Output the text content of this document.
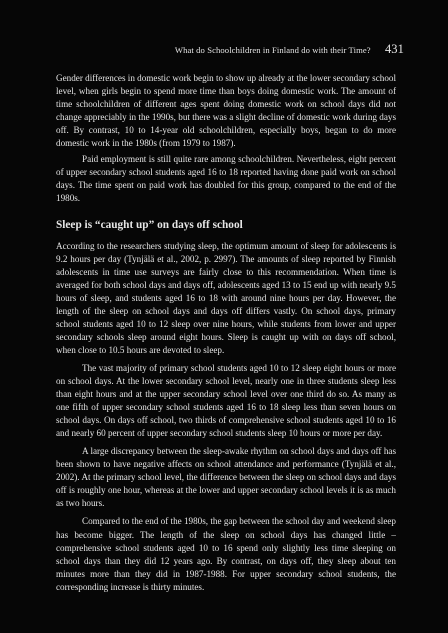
What do Schoolchildren in Finland do with their Time? 431

Gender differences in domestic work begin to show up already at the lower secondary school level, when girls begin to spend more time than boys doing domestic work. The amount of time schoolchildren of different ages spent doing domestic work on school days did not change appreciably in the 1990s, but there was a slight decline of domestic work during days off. By contrast, 10 to 14-year old schoolchildren, especially boys, began to do more domestic work in the 1980s (from 1979 to 1987).

Paid employment is still quite rare among schoolchildren. Nevertheless, eight percent of upper secondary school students aged 16 to 18 reported having done paid work on school days. The time spent on paid work has doubled for this group, compared to the end of the 1980s.

Sleep is “caught up” on days off school

According to the researchers studying sleep, the optimum amount of sleep for adolescents is 9.2 hours per day (Tynjälä et al., 2002, p. 2997). The amounts of sleep reported by Finnish adolescents in time use surveys are fairly close to this recommendation. When time is averaged for both school days and days off, adolescents aged 13 to 15 end up with nearly 9.5 hours of sleep, and students aged 16 to 18 with around nine hours per day. However, the length of the sleep on school days and days off differs vastly. On school days, primary school students aged 10 to 12 sleep over nine hours, while students from lower and upper secondary schools sleep around eight hours. Sleep is caught up with on days off school, when close to 10.5 hours are devoted to sleep.

The vast majority of primary school students aged 10 to 12 sleep eight hours or more on school days. At the lower secondary school level, nearly one in three students sleep less than eight hours and at the upper secondary school level over one third do so. As many as one fifth of upper secondary school students aged 16 to 18 sleep less than seven hours on school days. On days off school, two thirds of comprehensive school students aged 10 to 16 and nearly 60 percent of upper secondary school students sleep 10 hours or more per day.

A large discrepancy between the sleep-awake rhythm on school days and days off has been shown to have negative affects on school attendance and performance (Tynjälä et al., 2002). At the primary school level, the difference between the sleep on school days and days off is roughly one hour, whereas at the lower and upper secondary school levels it is as much as two hours.

Compared to the end of the 1980s, the gap between the school day and weekend sleep has become bigger. The length of the sleep on school days has changed little – comprehensive school students aged 10 to 16 spend only slightly less time sleeping on school days than they did 12 years ago. By contrast, on days off, they sleep about ten minutes more than they did in 1987-1988. For upper secondary school students, the corresponding increase is thirty minutes.
